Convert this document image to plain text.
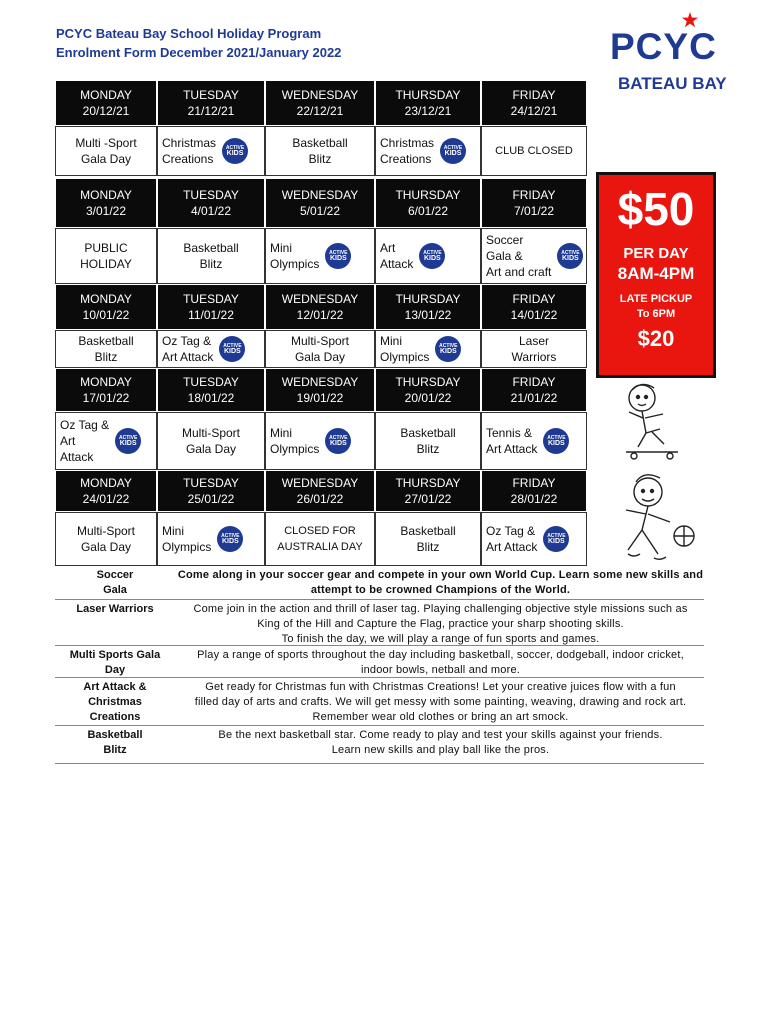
PCYC Bateau Bay School Holiday Program
Enrolment Form December 2021/January 2022	PCYC
BATEAU BAY
MONDAY
20/12/21
Multi -Sport
Gala Day
TUESDAY
21/12/21
Christmas
Creations
ACTIVE
KIDS
WEDNESDAY
22/12/21
Basketball
Blitz
THURSDAY
23/12/21
Christmas
Creations
ACTIVE
KIDS
FRIDAY
24/12/21
CLUB CLOSED
MONDAY
3/01/22
PUBLIC
HOLIDAY
TUESDAY
4/01/22
Basketball
Blitz
WEDNESDAY
5/01/22
Mini
Olympics
ACTIVE
KIDS
THURSDAY
6/01/22
Art
Attack
ACTIVE
KIDS
FRIDAY
7/01/22
Soccer
Gala &
Art and craft
ACTIVE
KIDS
MONDAY
10/01/22
Basketball
Blitz
TUESDAY
11/01/22
Oz Tag &
Art Attack
ACTIVE
KIDS
WEDNESDAY
12/01/22
Multi-Sport
Gala Day
THURSDAY
13/01/22
Mini
Olympics
ACTIVE
KIDS
FRIDAY
14/01/22
Laser
Warriors
MONDAY
17/01/22
Oz Tag &
Art
Attack
ACTIVE
KIDS
TUESDAY
18/01/22
Multi-Sport
Gala Day
WEDNESDAY
19/01/22
Mini
Olympics
ACTIVE
KIDS
THURSDAY
20/01/22
Basketball
Blitz
FRIDAY
21/01/22
Tennis &
Art Attack
ACTIVE
KIDS
MONDAY
24/01/22
Multi-Sport
Gala Day
TUESDAY
25/01/22
Mini
Olympics
ACTIVE
KIDS
WEDNESDAY
26/01/22
CLOSED FOR
AUSTRALIA DAY
THURSDAY
27/01/22
Basketball
Blitz
FRIDAY
28/01/22
Oz Tag &
Art Attack
ACTIVE
KIDS
$50
PER DAY
8AM-4PM
LATE PICKUP
To 6PM
$20
Soccer
Gala
Come along in your soccer gear and compete in your own World Cup. Learn some new skills and
attempt to be crowned Champions of the World.
Laser Warriors	Come join in the action and thrill of laser tag. Playing challenging objective style missions such as
King of the Hill and Capture the Flag, practice your sharp shooting skills.
To finish the day, we will play a range of fun sports and games.
Multi Sports Gala
Day
Play a range of sports throughout the day including basketball, soccer, dodgeball, indoor cricket,
indoor bowls, netball and more.
Art Attack &
Christmas
Creations
Get ready for Christmas fun with Christmas Creations! Let your creative juices flow with a fun
filled day of arts and crafts. We will get messy with some painting, weaving, drawing and rock art.
Remember wear old clothes or bring an art smock.
Basketball
Blitz
Be the next basketball star. Come ready to play and test your skills against your friends.
Learn new skills and play ball like the pros.
